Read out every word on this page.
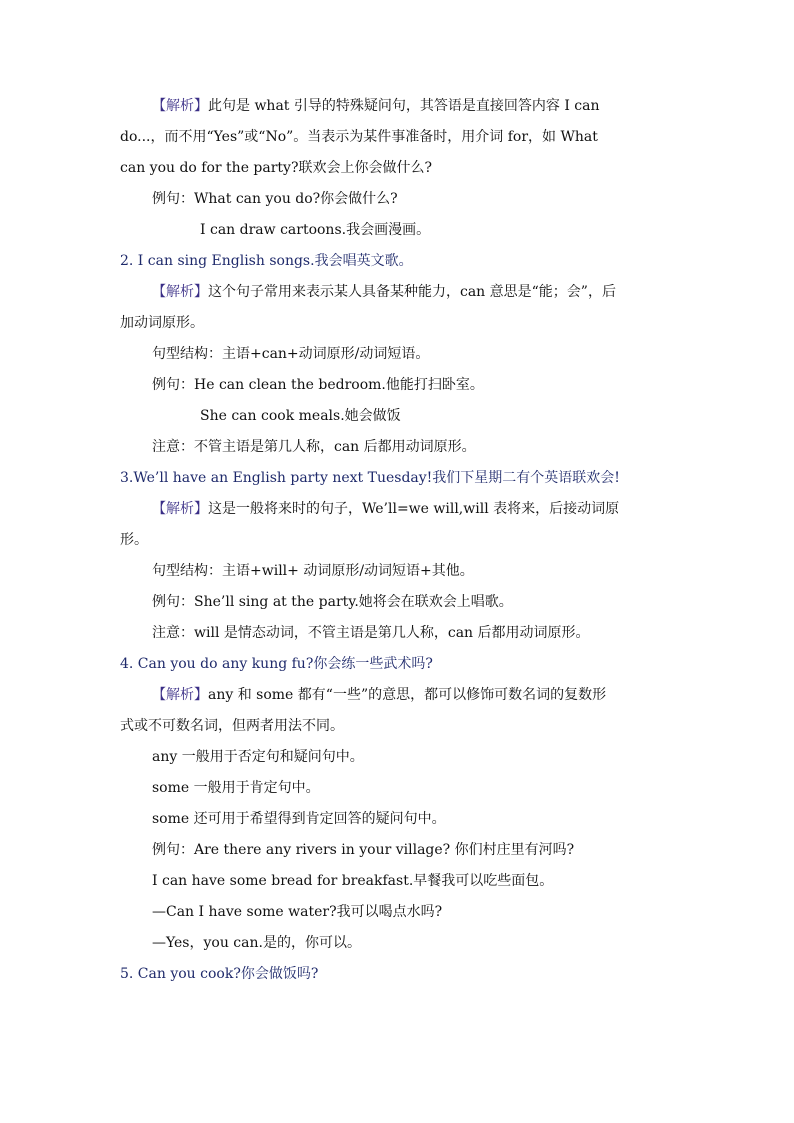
【解析】此句是 what 引导的特殊疑问句，其答语是直接回答内容 I can
do...，而不用“Yes”或“No”。当表示为某件事准备时，用介词 for，如 What
can you do for the party?联欢会上你会做什么?
例句：What can you do?你会做什么?
I can draw cartoons.我会画漫画。
2. I can sing English songs.我会唱英文歌。
【解析】这个句子常用来表示某人具备某种能力，can 意思是“能；会”，后
加动词原形。
句型结构：主语+can+动词原形/动词短语。
例句：He can clean the bedroom.他能打扫卧室。
She can cook meals.她会做饭
注意：不管主语是第几人称，can 后都用动词原形。
3.We’ll have an English party next Tuesday!我们下星期二有个英语联欢会!
【解析】这是一般将来时的句子，We’ll=we will,will 表将来，后接动词原
形。
句型结构：主语+will+ 动词原形/动词短语+其他。
例句：She’ll sing at the party.她将会在联欢会上唱歌。
注意：will 是情态动词，不管主语是第几人称，can 后都用动词原形。
4. Can you do any kung fu?你会练一些武术吗?
【解析】any 和 some 都有“一些”的意思，都可以修饰可数名词的复数形
式或不可数名词，但两者用法不同。
any 一般用于否定句和疑问句中。
some 一般用于肯定句中。
some 还可用于希望得到肯定回答的疑问句中。
例句：Are there any rivers in your village? 你们村庄里有河吗?
I can have some bread for breakfast.早餐我可以吃些面包。
—Can I have some water?我可以喝点水吗?
—Yes，you can.是的，你可以。
5. Can you cook?你会做饭吗?
